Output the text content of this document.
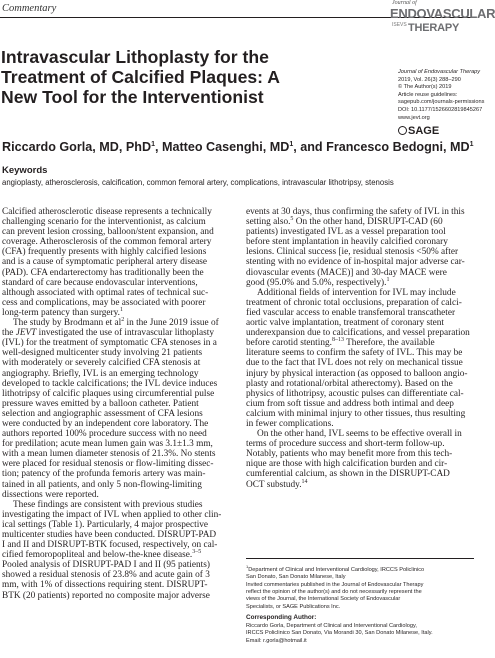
Commentary	Journal of
ENDOVASCULAR
ISEVS THERAPY
Intravascular Lithoplasty for the
Treatment of Calcified Plaques: A
New Tool for the Interventionist
Journal of Endovascular Therapy
2019, Vol. 26(3) 288–290
© The Author(s) 2019
Article reuse guidelines:
sagepub.com/journals-permissions
DOI: 10.1177/1526602819845267
www.jevt.org
SAGE
Riccardo Gorla, MD, PhD$^1$, Matteo Casenghi, $MD^1$, and Francesco Bedogni, $MD^1$
Keywords
angioplasty, atherosclerosis, calcification, common femoral artery, complications, intravascular lithotripsy, stenosis
Calcified atherosclerotic disease represents a technically
challenging scenario for the interventionist, as calcium
can prevent lesion crossing, balloon/stent expansion, and
coverage. Atherosclerosis of the common femoral artery
(CFA) frequently presents with highly calcified lesions
and is a cause of symptomatic peripheral artery disease
(PAD). CFA endarterectomy has traditionally been the
standard of care because endovascular interventions,
although associated with optimal rates of technical suc-
cess and complications, may be associated with poorer
long-term patency than surgery.$^1$
The study by Brodmann et $al^2$ in the June 2019 issue of
the JEVT investigated the use of intravascular lithoplasty
(IVL) for the treatment of symptomatic CFA stenoses in a
well-designed multicenter study involving 21 patients
with moderately or severely calcified CFA stenosis at
angiography. Briefly, IVL is an emerging technology
developed to tackle calcifications; the IVL device induces
lithotripsy of calcific plaques using circumferential pulse
pressure waves emitted by a balloon catheter. Patient
selection and angiographic assessment of CFA lesions
were conducted by an independent core laboratory. The
authors reported 100% procedure success with no need
for predilation; acute mean lumen gain was 3.1±1.3 mm,
with a mean lumen diameter stenosis of 21.3%. No stents
were placed for residual stenosis or flow-limiting dissec-
tion; patency of the profunda femoris artery was main-
tained in all patients, and only 5 non-flowing-limiting
dissections were reported.
These findings are consistent with previous studies
investigating the impact of IVL when applied to other clin-
ical settings (Table 1). Particularly, 4 major prospective
multicenter studies have been conducted. DISRUPT-PAD
I and II and DISRUPT-BTK focused, respectively, on cal-
cified femoropopliteal and below-the-knee disease.$^{3-5}$
Pooled analysis of DISRUPT-PAD I and II (95 patients)
showed a residual stenosis of 23.8% and acute gain of 3
mm, with 1% of dissections requiring stent. DISRUPT-
BTK (20 patients) reported no composite major adverse
events at 30 days, thus confirming the safety of IVL in this
setting also.$^5$ On the other hand, DISRUPT-CAD (60
patients) investigated IVL as a vessel preparation tool
before stent implantation in heavily calcified coronary
lesions. Clinical success [ie, residual stenosis <50% after
stenting with no evidence of in-hospital major adverse car-
diovascular events (MACE)] and 30-day MACE were
good (95.0% and 5.0%, respectively).$^1$
Additional fields of intervention for IVL may include
treatment of chronic total occlusions, preparation of calci-
fied vascular access to enable transfemoral transcatheter
aortic valve implantation, treatment of coronary stent
underexpansion due to calcifications, and vessel preparation
before carotid stenting.$^{8-13}$ Therefore, the available
literature seems to confirm the safety of IVL. This may be
due to the fact that IVL does not rely on mechanical tissue
injury by physical interaction (as opposed to balloon angio-
plasty and rotational/orbital atherectomy). Based on the
physics of lithotripsy, acoustic pulses can differentiate cal-
cium from soft tissue and address both intimal and deep
calcium with minimal injury to other tissues, thus resulting
in fewer complications.
On the other hand, IVL seems to be effective overall in
terms of procedure success and short-term follow-up.
Notably, patients who may benefit more from this tech-
nique are those with high calcification burden and cir-
cumferential calcium, as shown in the DISRUPT-CAD
OCT substudy.$^{14}$
$^1$Department of Clinical and Interventional Cardiology, IRCCS Policlinico
San Donato, San Donato Milanese, Italy
Invited commentaries published in the Journal of Endovascular Therapy
reflect the opinion of the author(s) and do not necessarily represent the
views of the Journal, the International Society of Endovascular
Specialists, or SAGE Publications Inc.
Corresponding Author:
Riccardo Gorla, Department of Clinical and Interventional Cardiology,
IRCCS Policlinico San Donato, Via Morandi 30, San Donato Milanese, Italy.
Email: r.gorla@hotmail.it
